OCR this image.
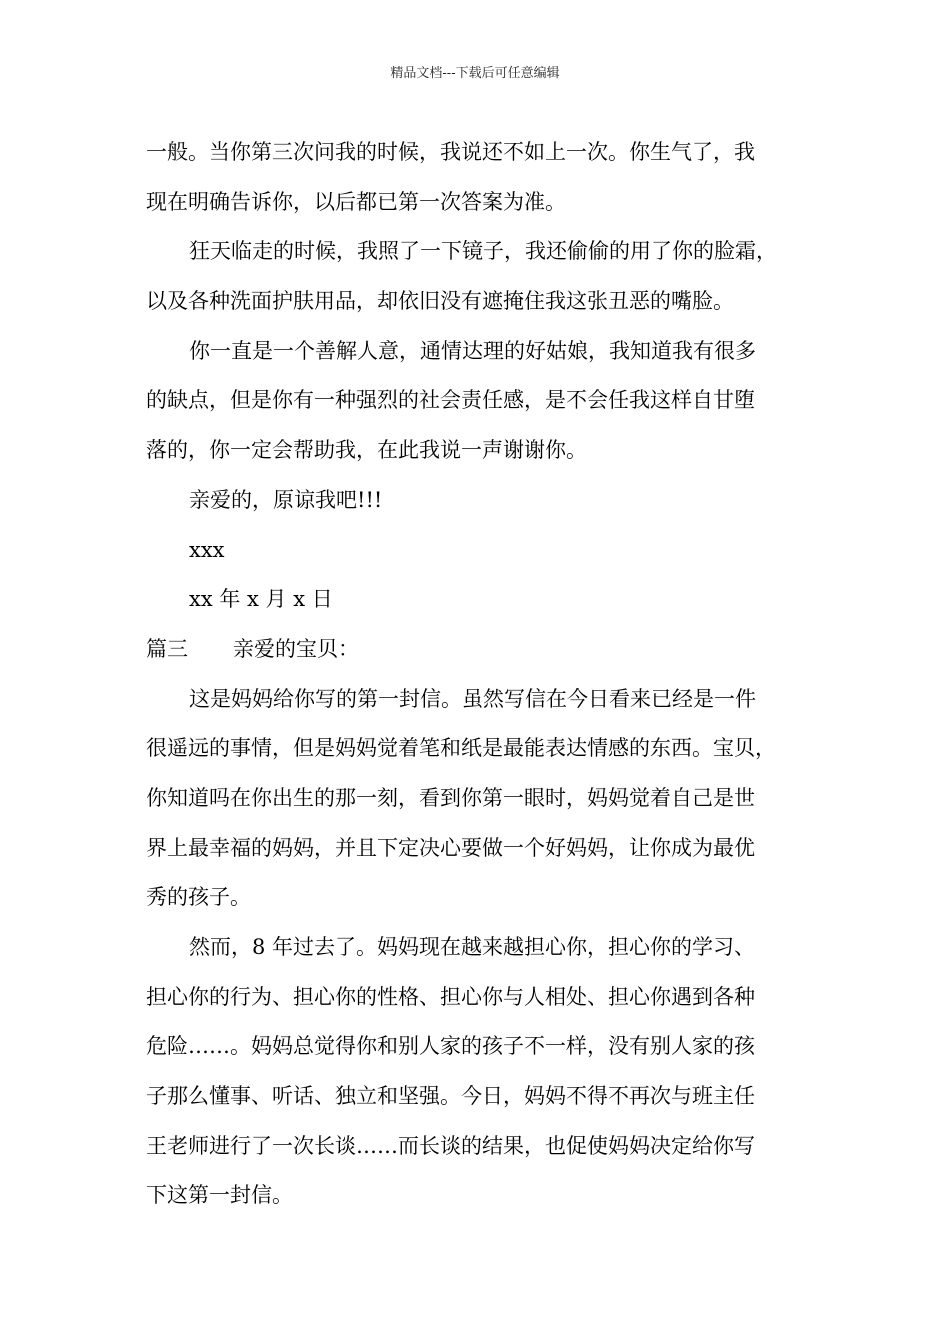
精品文档---下载后可任意编辑
一般。当你第三次问我的时候，我说还不如上一次。你生气了，我
现在明确告诉你，以后都已第一次答案为准。
狂天临走的时候，我照了一下镜子，我还偷偷的用了你的脸霜，
以及各种洗面护肤用品，却依旧没有遮掩住我这张丑恶的嘴脸。
你一直是一个善解人意，通情达理的好姑娘，我知道我有很多
的缺点，但是你有一种强烈的社会责任感，是不会任我这样自甘堕
落的，你一定会帮助我，在此我说一声谢谢你。
亲爱的，原谅我吧!!!
xxx
xx 年 x 月 x 日
篇三 亲爱的宝贝：
这是妈妈给你写的第一封信。虽然写信在今日看来已经是一件
很遥远的事情，但是妈妈觉着笔和纸是最能表达情感的东西。宝贝，
你知道吗在你出生的那一刻，看到你第一眼时，妈妈觉着自己是世
界上最幸福的妈妈，并且下定决心要做一个好妈妈，让你成为最优
秀的孩子。
然而，8 年过去了。妈妈现在越来越担心你，担心你的学习、
担心你的行为、担心你的性格、担心你与人相处、担心你遇到各种
危险……。妈妈总觉得你和别人家的孩子不一样，没有别人家的孩
子那么懂事、听话、独立和坚强。今日，妈妈不得不再次与班主任
王老师进行了一次长谈……而长谈的结果，也促使妈妈决定给你写
下这第一封信。
